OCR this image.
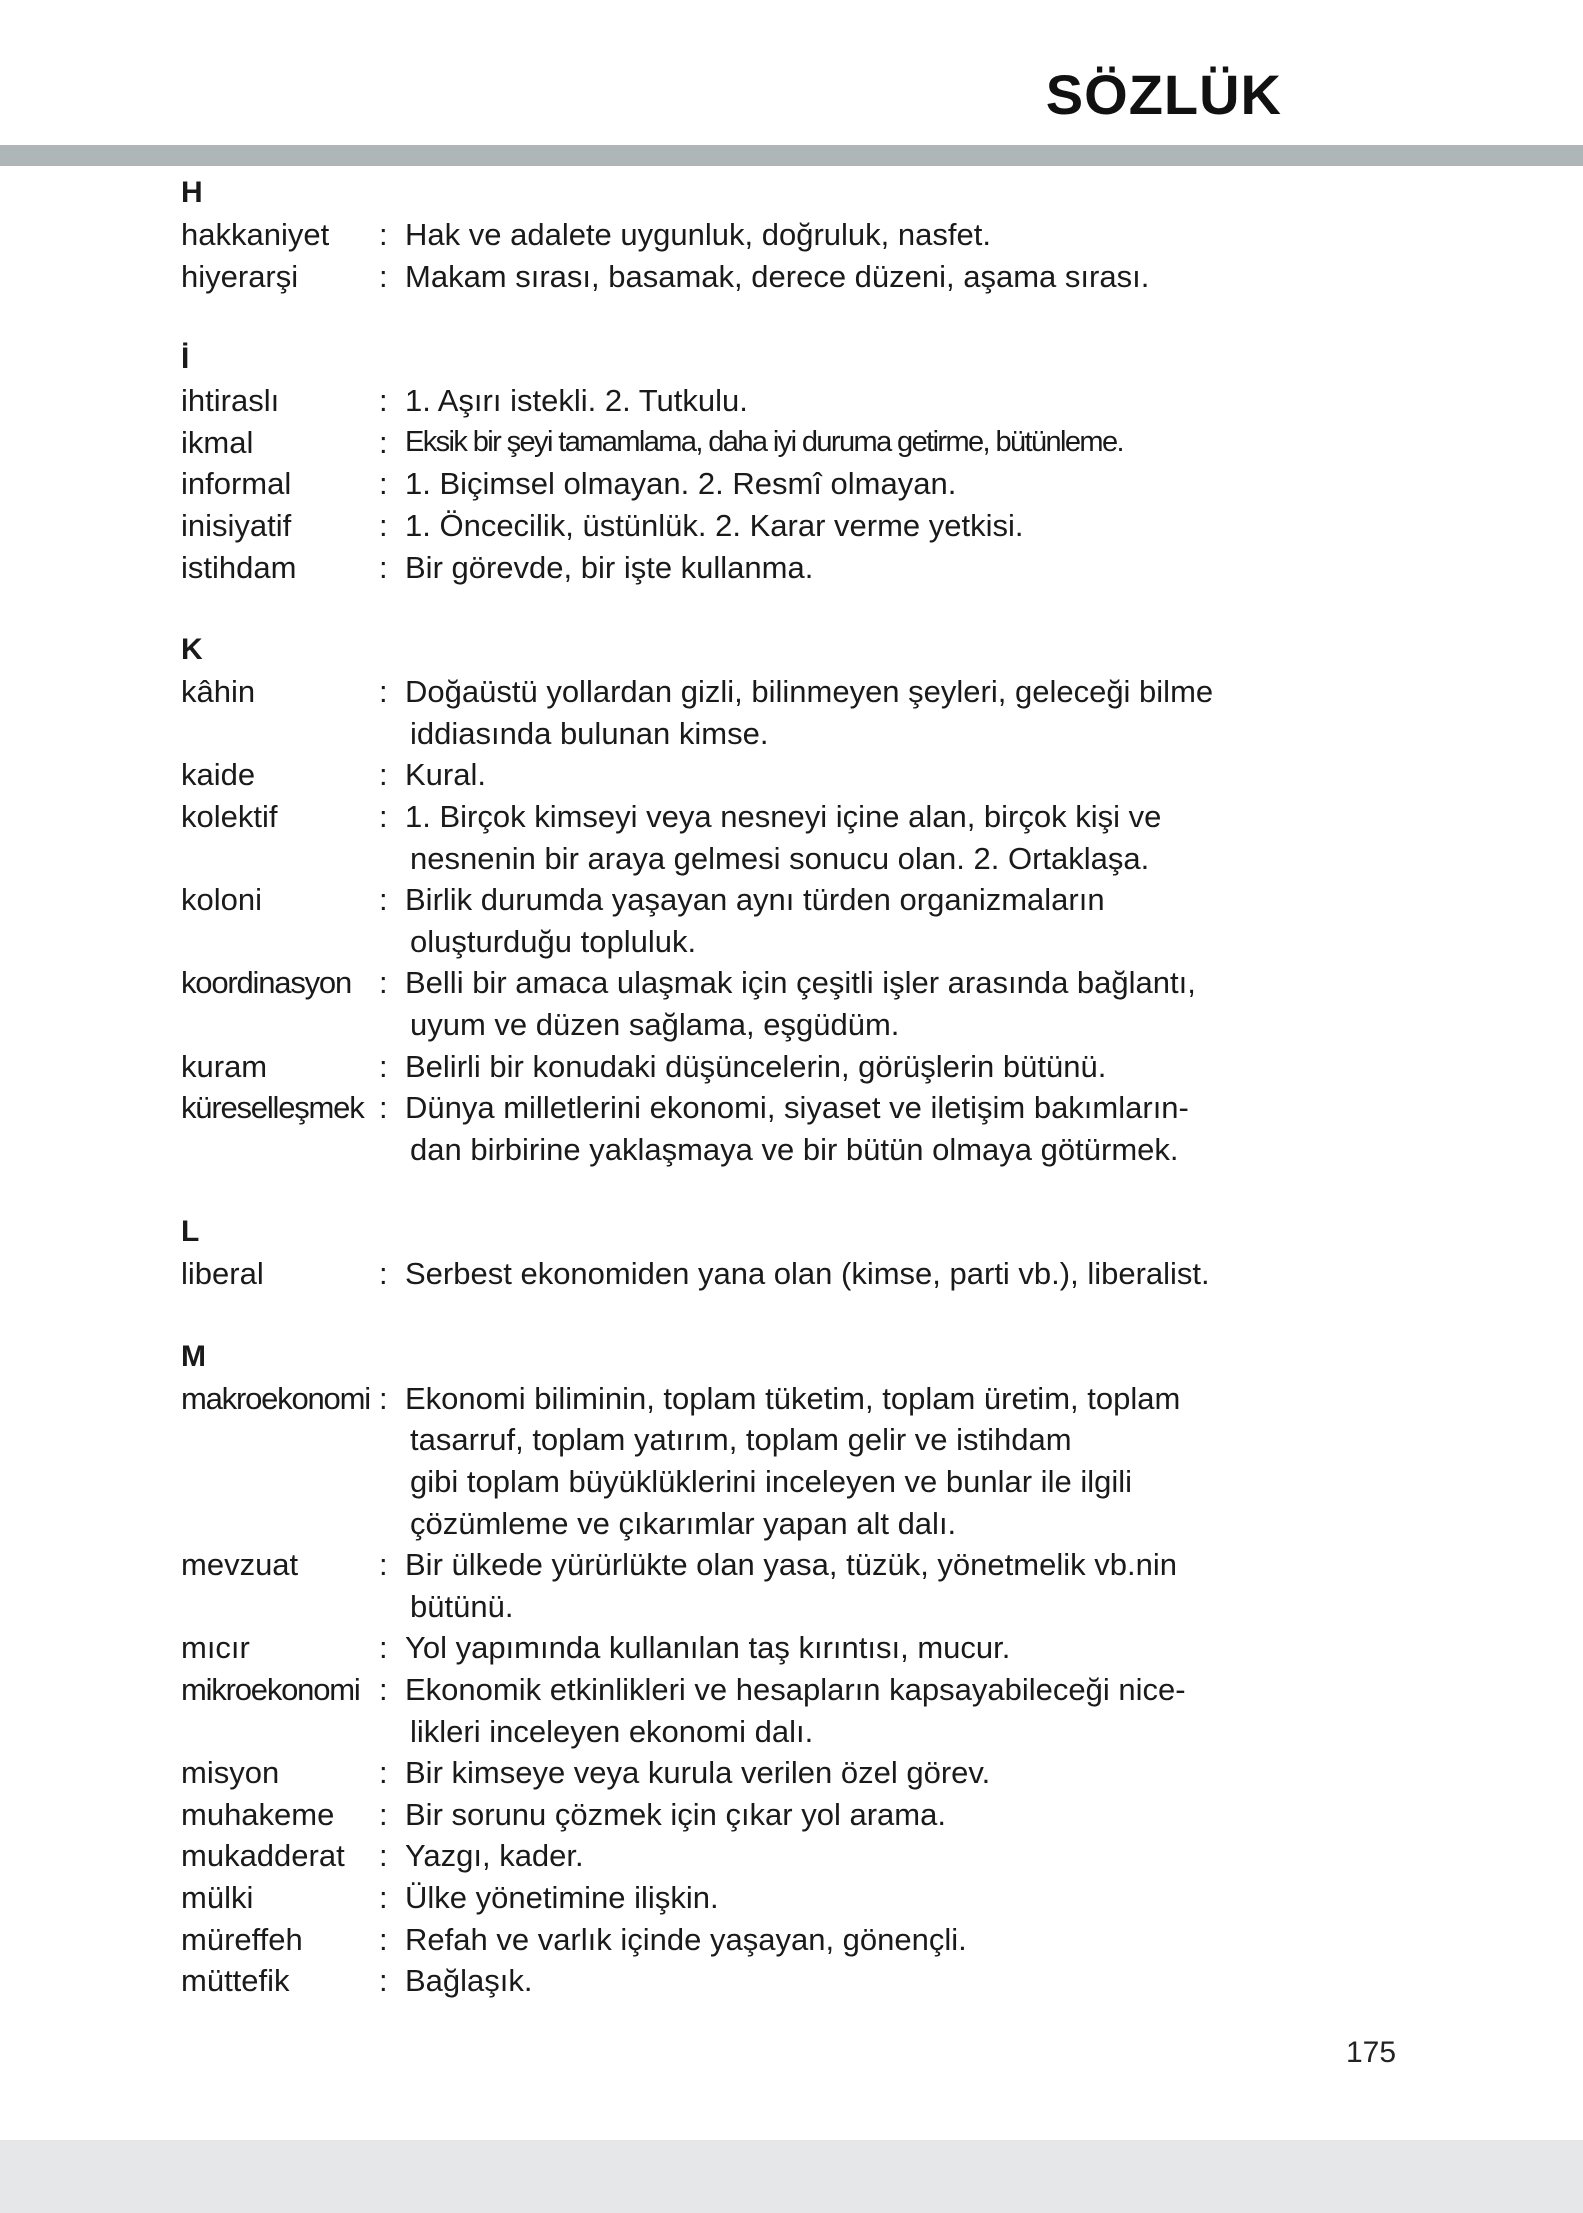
SÖZLÜK
H
hakkaniyet	: Hak ve adalete uygunluk, doğruluk, nasfet.
hiyerarşi	: Makam sırası, basamak, derece düzeni, aşama sırası.
İ
ihtiraslı	: 1. Aşırı istekli. 2. Tutkulu.
ikmal	: Eksik bir şeyi tamamlama, daha iyi duruma getirme, bütünleme.
informal	: 1. Biçimsel olmayan. 2. Resmî olmayan.
inisiyatif	: 1. Öncecilik, üstünlük. 2. Karar verme yetkisi.
istihdam	: Bir görevde, bir işte kullanma.
K
kâhin	: Doğaüstü yollardan gizli, bilinmeyen şeyleri, geleceği bilme
iddiasında bulunan kimse.
kaide	: Kural.
kolektif	: 1. Birçok kimseyi veya nesneyi içine alan, birçok kişi ve
nesnenin bir araya gelmesi sonucu olan. 2. Ortaklaşa.
koloni	: Birlik durumda yaşayan aynı türden organizmaların
oluşturduğu topluluk.
koordinasyon : Belli bir amaca ulaşmak için çeşitli işler arasında bağlantı,
uyum ve düzen sağlama, eşgüdüm.
kuram	: Belirli bir konudaki düşüncelerin, görüşlerin bütünü.
küreselleşmek : Dünya milletlerini ekonomi, siyaset ve iletişim bakımların-
dan birbirine yaklaşmaya ve bir bütün olmaya götürmek.
L
liberal	: Serbest ekonomiden yana olan (kimse, parti vb.), liberalist.
M
makroekonomi : Ekonomi biliminin, toplam tüketim, toplam üretim, toplam
tasarruf, toplam yatırım, toplam gelir ve istihdam
gibi toplam büyüklüklerini inceleyen ve bunlar ile ilgili
çözümleme ve çıkarımlar yapan alt dalı.
mevzuat	: Bir ülkede yürürlükte olan yasa, tüzük, yönetmelik vb.nin
bütünü.
mıcır	: Yol yapımında kullanılan taş kırıntısı, mucur.
mikroekonomi : Ekonomik etkinlikleri ve hesapların kapsayabileceği nice-
likleri inceleyen ekonomi dalı.
misyon	: Bir kimseye veya kurula verilen özel görev.
muhakeme	: Bir sorunu çözmek için çıkar yol arama.
mukadderat	: Yazgı, kader.
mülki	: Ülke yönetimine ilişkin.
müreffeh	: Refah ve varlık içinde yaşayan, gönençli.
müttefik	: Bağlaşık.
175
